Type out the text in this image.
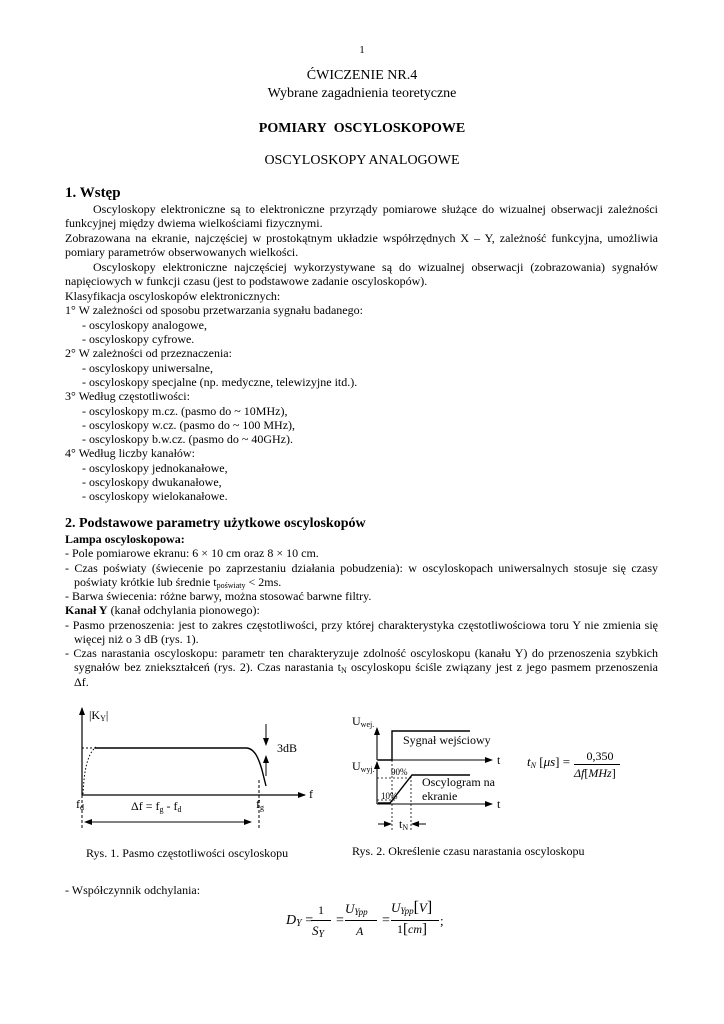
1
ĆWICZENIE NR.4
Wybrane zagadnienia teoretyczne
POMIARY OSCYLOSKOPOWE
OSCYLOSKOPY ANALOGOWE
1. Wstęp
Oscyloskopy elektroniczne są to elektroniczne przyrządy pomiarowe służące do wizualnej obserwacji zależności
funkcyjnej między dwiema wielkościami fizycznymi.
Zobrazowana na ekranie, najczęściej w prostokątnym układzie współrzędnych X – Y, zależność funkcyjna, umożliwia
pomiary parametrów obserwowanych wielkości.
Oscyloskopy elektroniczne najczęściej wykorzystywane są do wizualnej obserwacji (zobrazowania) sygnałów
napięciowych w funkcji czasu (jest to podstawowe zadanie oscyloskopów).
Klasyfikacja oscyloskopów elektronicznych:
1° W zależności od sposobu przetwarzania sygnału badanego:
- oscyloskopy analogowe,
- oscyloskopy cyfrowe.
2° W zależności od przeznaczenia:
- oscyloskopy uniwersalne,
- oscyloskopy specjalne (np. medyczne, telewizyjne itd.).
3° Według częstotliwości:
- oscyloskopy m.cz. (pasmo do ~ 10MHz),
- oscyloskopy w.cz. (pasmo do ~ 100 MHz),
- oscyloskopy b.w.cz. (pasmo do ~ 40GHz).
4° Według liczby kanałów:
- oscyloskopy jednokanałowe,
- oscyloskopy dwukanałowe,
- oscyloskopy wielokanałowe.
2. Podstawowe parametry użytkowe oscyloskopów
Lampa oscyloskopowa:
- Pole pomiarowe ekranu: 6 × 10 cm oraz 8 × 10 cm.
- Czas poświaty (świecenie po zaprzestaniu działania pobudzenia): w oscyloskopach uniwersalnych stosuje się czasy
poświaty krótkie lub średnie $t_{poświaty} < 2ms$.
- Barwa świecenia: różne barwy, można stosować barwne filtry.
Kanał Y (kanał odchylania pionowego):
- Pasmo przenoszenia: jest to zakres częstotliwości, przy której charakterystyka częstotliwościowa toru Y nie zmienia się
więcej niż o 3 dB (rys. 1).
- Czas narastania oscyloskopu: parametr ten charakteryzuje zdolność oscyloskopu (kanału Y) do przenoszenia szybkich
sygnałów bez zniekształceń (rys. 2). Czas narastania $t_N$ oscyloskopu ściśle związany jest z jego pasmem przenoszenia
Δf.
$|K_Y|$
3dB
f
$f_d$	$f_g$
$\Delta f = f_g - f_d$
Rys. 1. Pasmo częstotliwości oscyloskopu
$U_{wej.}$
Sygnał wejściowy
t
$U_{wyj.}$ 90%
Oscylogram na
ekranie
10%
t
$t_N$
Rys. 2. Określenie czasu narastania oscyloskopu
$t_N$ [μs] =	0,350
Δf[MHz]
- Współczynnik odchylania:
$D_Y$ =
1
$S_Y$
=
$U_{Ypp}$
A
=
$U_{Ypp}[V]$
1[cm]
;
